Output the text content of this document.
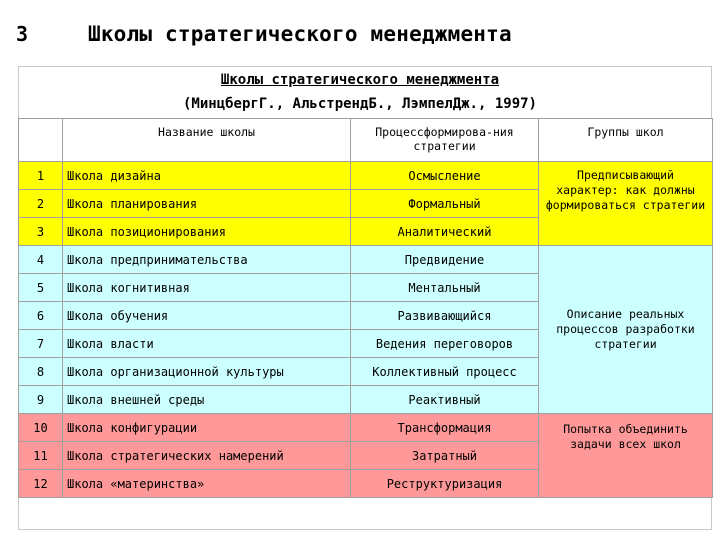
3	Школы стратегического менеджмента
Школы стратегического менеджмента
(МинцбергГ., АльстрендБ., ЛэмпелДж., 1997)
	Название школы	Процессформирова-ния стратегии	Группы школ
1	Школа дизайна	Осмысление	Предписывающий характер: как должны формироваться стратегии
2	Школа планирования	Формальный	
3	Школа позиционирования	Аналитический	
4	Школа предпринимательства	Предвидение	Описание реальных процессов разработки стратегии
5	Школа когнитивная	Ментальный	
6	Школа обучения	Развивающийся	
7	Школа власти	Ведения переговоров	
8	Школа организационной культуры	Коллективный процесс	
9	Школа внешней среды	Реактивный	
10	Школа конфигурации	Трансформация	Попытка объединить задачи всех школ
11	Школа стратегических намерений	Затратный	
12	Школа «материнства»	Реструктуризация	
